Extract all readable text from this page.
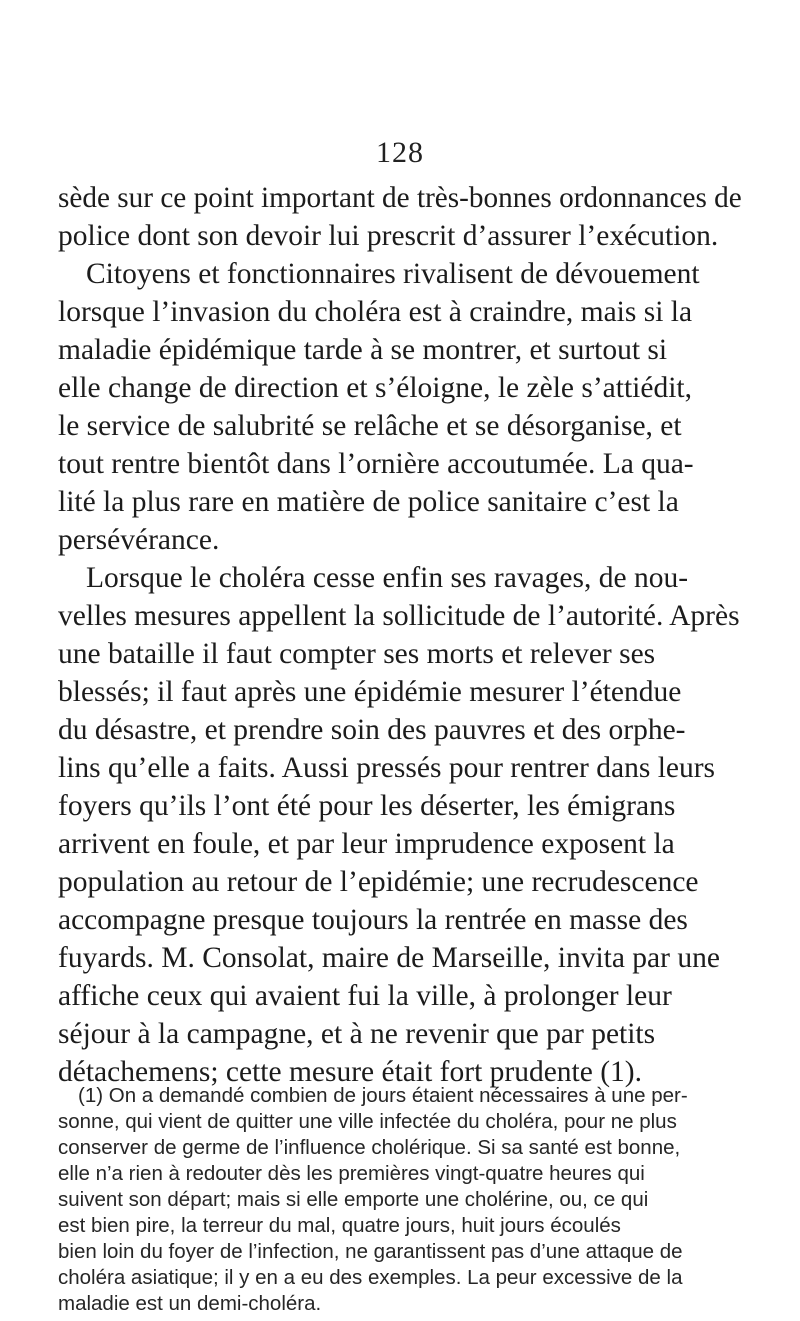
128
sède sur ce point important de très-bonnes ordonnances de
police dont son devoir lui prescrit d’assurer l’exécution.
Citoyens et fonctionnaires rivalisent de dévouement
lorsque l’invasion du choléra est à craindre, mais si la
maladie épidémique tarde à se montrer, et surtout si
elle change de direction et s’éloigne, le zèle s’attiédit,
le service de salubrité se relâche et se désorganise, et
tout rentre bientôt dans l’ornière accoutumée. La qua-
lité la plus rare en matière de police sanitaire c’est la
persévérance.
Lorsque le choléra cesse enfin ses ravages, de nou-
velles mesures appellent la sollicitude de l’autorité. Après
une bataille il faut compter ses morts et relever ses
blessés; il faut après une épidémie mesurer l’étendue
du désastre, et prendre soin des pauvres et des orphe-
lins qu’elle a faits. Aussi pressés pour rentrer dans leurs
foyers qu’ils l’ont été pour les déserter, les émigrans
arrivent en foule, et par leur imprudence exposent la
population au retour de l’epidémie; une recrudescence
accompagne presque toujours la rentrée en masse des
fuyards. M. Consolat, maire de Marseille, invita par une
affiche ceux qui avaient fui la ville, à prolonger leur
séjour à la campagne, et à ne revenir que par petits
détachemens; cette mesure était fort prudente (1).
(1) On a demandé combien de jours étaient nécessaires à une per-
sonne, qui vient de quitter une ville infectée du choléra, pour ne plus
conserver de germe de l’influence cholérique. Si sa santé est bonne,
elle n’a rien à redouter dès les premières vingt-quatre heures qui
suivent son départ; mais si elle emporte une cholérine, ou, ce qui
est bien pire, la terreur du mal, quatre jours, huit jours écoulés
bien loin du foyer de l’infection, ne garantissent pas d’une attaque de
choléra asiatique; il y en a eu des exemples. La peur excessive de la
maladie est un demi-choléra.
